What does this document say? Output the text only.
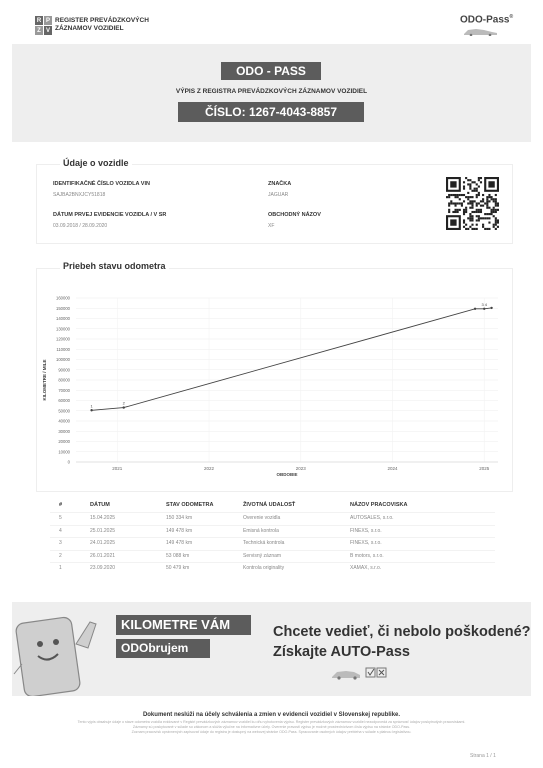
R P
Z V
REGISTER PREVÁDZKOVÝCH
ZÁZNAMOV VOZIDIEL
ODO-Pass®
ODO - PASS
VÝPIS Z REGISTRA PREVÁDZKOVÝCH ZÁZNAMOV VOZIDIEL
ČÍSLO: 1267-4043-8857
Údaje o vozidle
IDENTIFIKAČNÉ ČÍSLO VOZIDLA VIN
SAJBA2BNXJCY51818
DÁTUM PRVEJ EVIDENCIE VOZIDLA / V SR
03.09.2018 / 28.09.2020
ZNAČKA
JAGUAR
OBCHODNÝ NÁZOV
XF
Priebeh stavu odometra
0
10000
20000
30000
40000
50000
60000
70000
80000
90000
100000
110000
120000
130000
140000
150000
160000
2021	2022	2023	2024	2025
OBDOBIE
KILOMETRE / MILE
1
2
3 4
#	DÁTUM	STAV ODOMETRA	ŽIVOTNÁ UDALOSŤ	NÁZOV PRACOVISKA
5	15.04.2025	150 334 km	Overenie vozidla	AUTOSALES, s.r.o.
4	25.01.2025	149 478 km	Emisná kontrola	FINEXS, s.r.o.
3	24.01.2025	149 478 km	Technická kontrola	FINEXS, s.r.o.
2	26.01.2021	53 088 km	Servisný záznam	B motors, s.r.o.
1	23.09.2020	50 479 km	Kontrola originality	XAMAX, s.r.o.
KILOMETRE VÁM
ODObrujem
Chcete vedieť, či nebolo poškodené?
Získajte AUTO-Pass
Dokument neslúži na účely schválenia a zmien v evidencii vozidiel v Slovenskej republike.
Tento výpis obsahuje údaje o stave odometra vozidla evidované v Registri prevádzkových záznamov vozidiel ku dňu vyhotovenia výpisu. Register prevádzkových záznamov vozidiel nezodpovedá za správnosť údajov poskytnutých pracoviskami.
Záznamy sú poskytované v súlade so zákonom a slúžia výlučne na informatívne účely. Overenie pravosti výpisu je možné prostredníctvom čísla výpisu na stránke ODO-Pass.
Zoznam pracovísk oprávnených zapisovať údaje do registra je dostupný na webovej stránke ODO-Pass. Spracovanie osobných údajov prebieha v súlade s platnou legislatívou.
Strana 1 / 1
